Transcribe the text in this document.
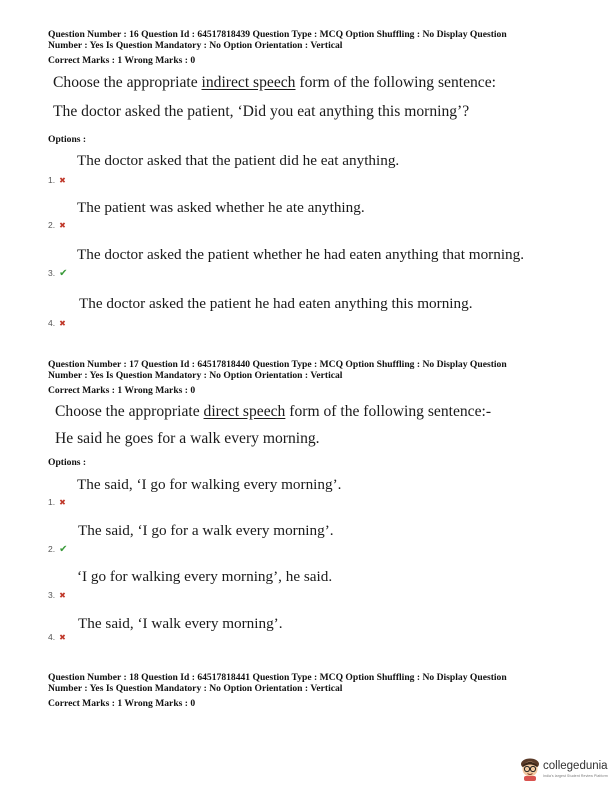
Question Number : 16 Question Id : 64517818439 Question Type : MCQ Option Shuffling : No Display Question
Number : Yes Is Question Mandatory : No Option Orientation : Vertical
Correct Marks : 1 Wrong Marks : 0
Choose the appropriate indirect speech form of the following sentence:
The doctor asked the patient, ‘Did you eat anything this morning’?
Options :
The doctor asked that the patient did he eat anything.
1. ✖
The patient was asked whether he ate anything.
2. ✖
The doctor asked the patient whether he had eaten anything that morning.
3. ✔
The doctor asked the patient he had eaten anything this morning.
4. ✖
Question Number : 17 Question Id : 64517818440 Question Type : MCQ Option Shuffling : No Display Question
Number : Yes Is Question Mandatory : No Option Orientation : Vertical
Correct Marks : 1 Wrong Marks : 0
Choose the appropriate direct speech form of the following sentence:-
He said he goes for a walk every morning.
Options :
The said, ‘I go for walking every morning’.
1. ✖
The said, ‘I go for a walk every morning’.
2. ✔
‘I go for walking every morning’, he said.
3. ✖
The said, ‘I walk every morning’.
4. ✖
Question Number : 18 Question Id : 64517818441 Question Type : MCQ Option Shuffling : No Display Question
Number : Yes Is Question Mandatory : No Option Orientation : Vertical
Correct Marks : 1 Wrong Marks : 0
collegedunia
India's largest Student Review Platform
